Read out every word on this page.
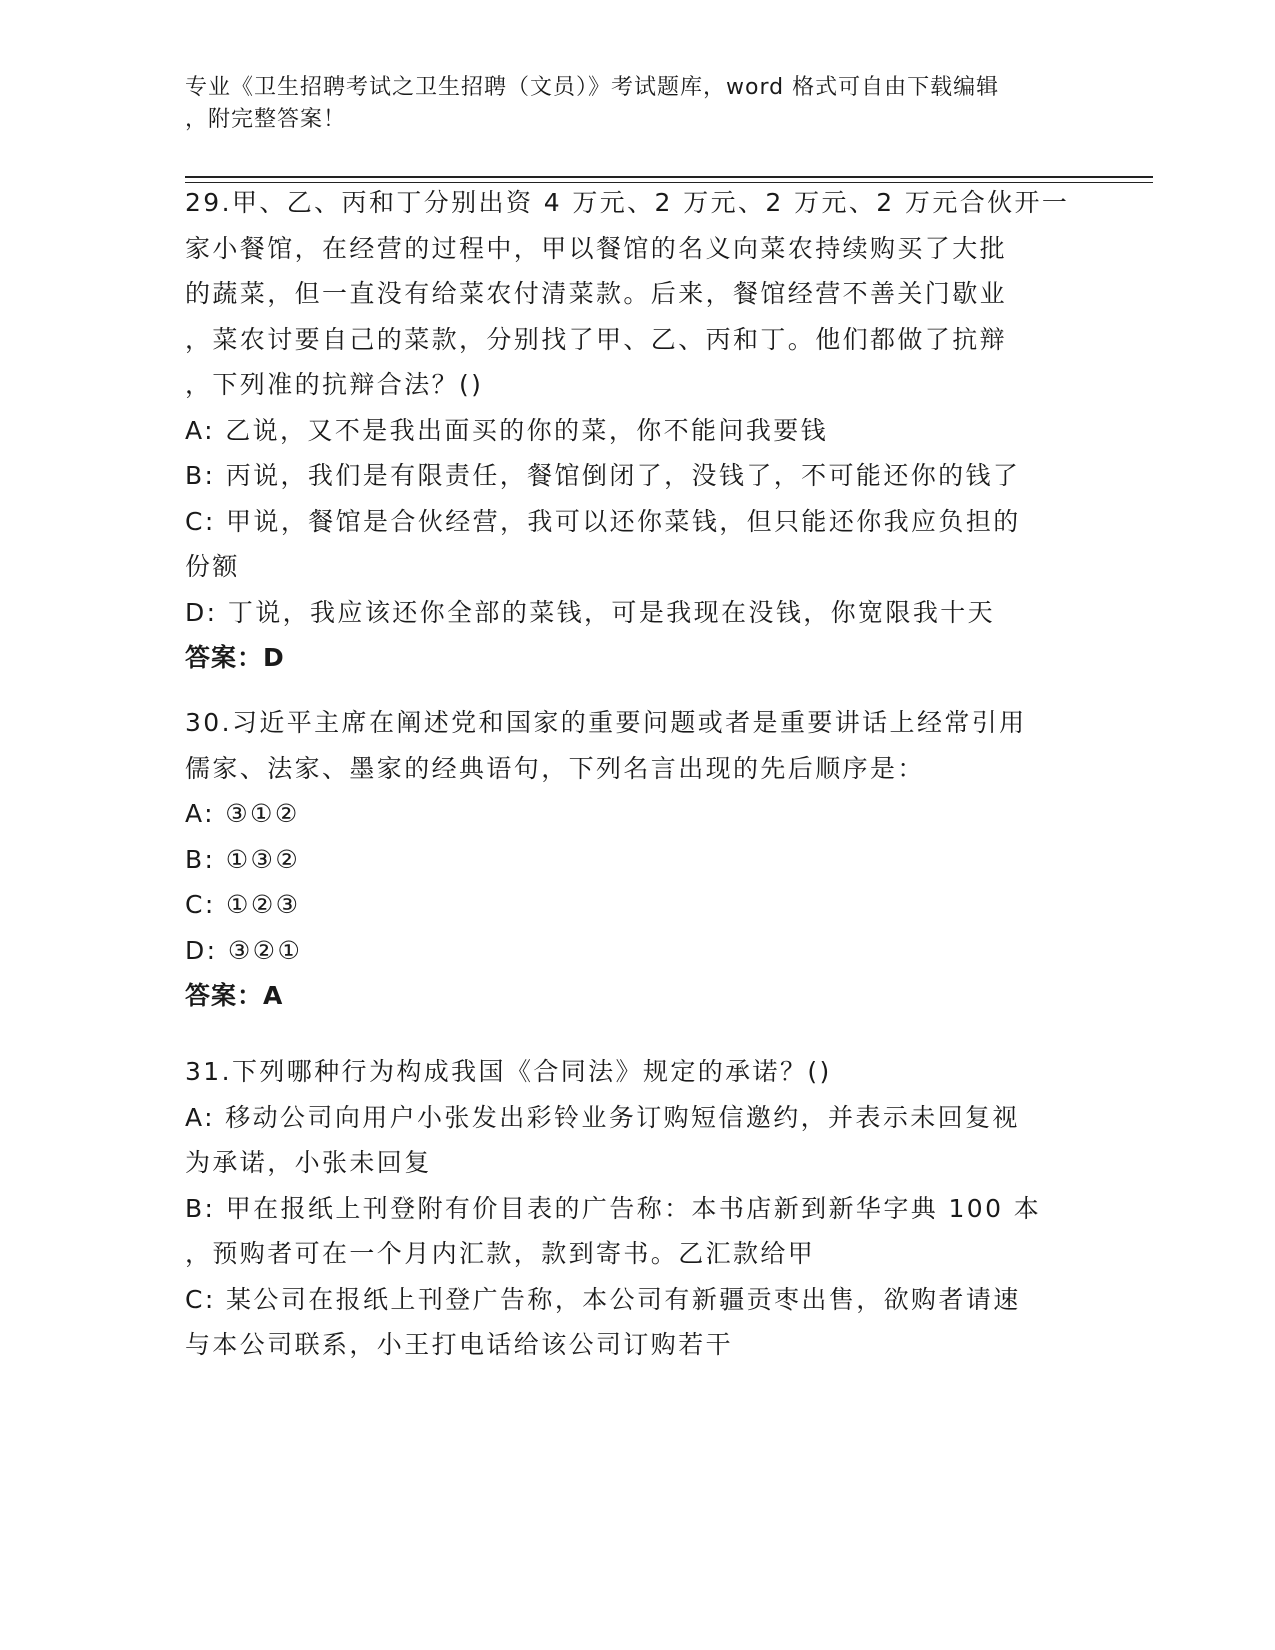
专业《卫生招聘考试之卫生招聘（文员）》考试题库，word 格式可自由下载编辑
，附完整答案！
29.甲、乙、丙和丁分别出资 4 万元、2 万元、2 万元、2 万元合伙开一
家小餐馆，在经营的过程中，甲以餐馆的名义向菜农持续购买了大批
的蔬菜，但一直没有给菜农付清菜款。后来，餐馆经营不善关门歇业
，菜农讨要自己的菜款，分别找了甲、乙、丙和丁。他们都做了抗辩
，下列准的抗辩合法？()
A: 乙说，又不是我出面买的你的菜，你不能问我要钱
B: 丙说，我们是有限责任，餐馆倒闭了，没钱了，不可能还你的钱了
C: 甲说，餐馆是合伙经营，我可以还你菜钱，但只能还你我应负担的
份额
D: 丁说，我应该还你全部的菜钱，可是我现在没钱，你宽限我十天
答案：D
30.习近平主席在阐述党和国家的重要问题或者是重要讲话上经常引用
儒家、法家、墨家的经典语句，下列名言出现的先后顺序是：
A: ③①②
B: ①③②
C: ①②③
D: ③②①
答案：A
31.下列哪种行为构成我国《合同法》规定的承诺？()
A: 移动公司向用户小张发出彩铃业务订购短信邀约，并表示未回复视
为承诺，小张未回复
B: 甲在报纸上刊登附有价目表的广告称：本书店新到新华字典 100 本
，预购者可在一个月内汇款，款到寄书。乙汇款给甲
C: 某公司在报纸上刊登广告称，本公司有新疆贡枣出售，欲购者请速
与本公司联系，小王打电话给该公司订购若干
